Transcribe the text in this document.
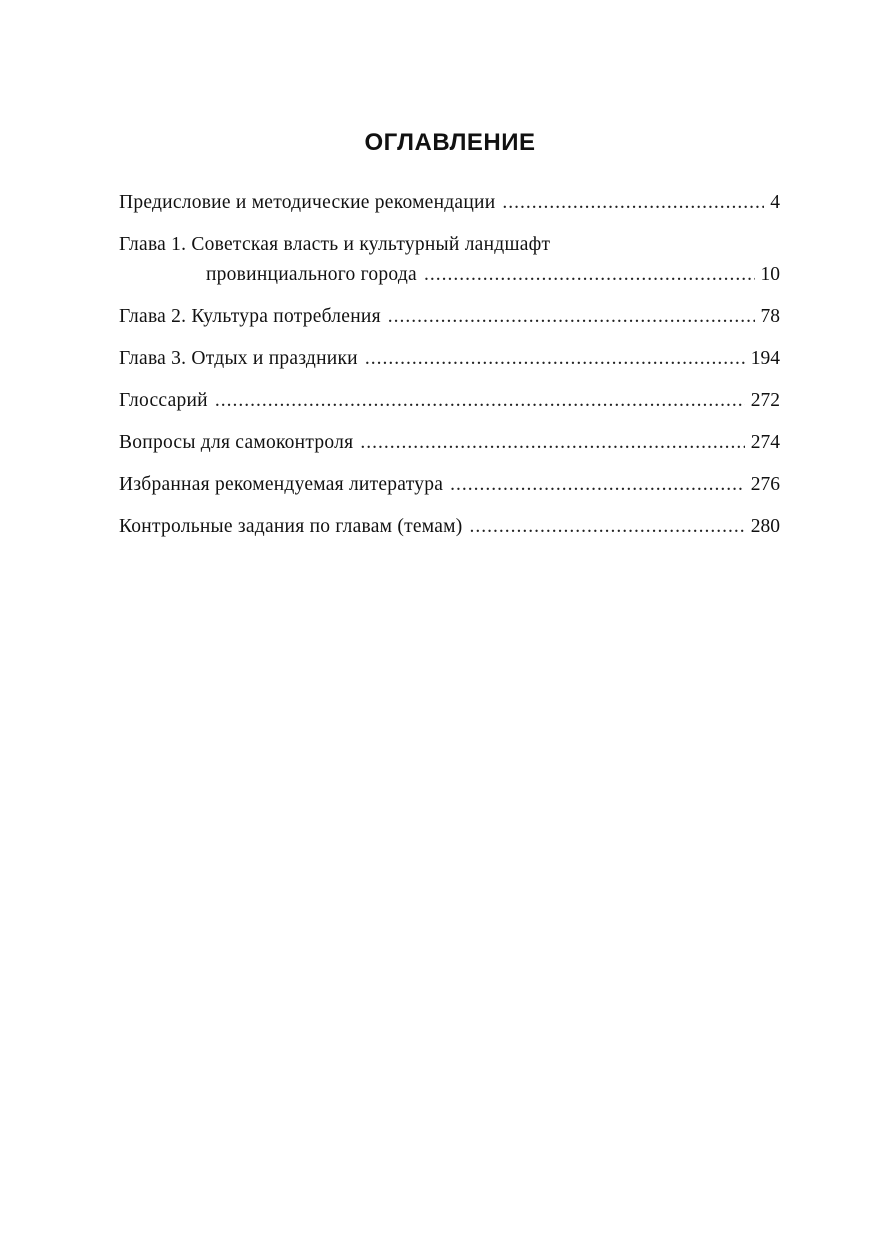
ОГЛАВЛЕНИЕ
Предисловие и методические рекомендации .....	4
Глава 1. Советская власть и культурный ландшафт
провинциального города .....	10
Глава 2. Культура потребления .....	78
Глава 3. Отдых и праздники .....	194
Глоссарий .....	272
Вопросы для самоконтроля .....	274
Избранная рекомендуемая литература .....	276
Контрольные задания по главам (темам) .....	280
